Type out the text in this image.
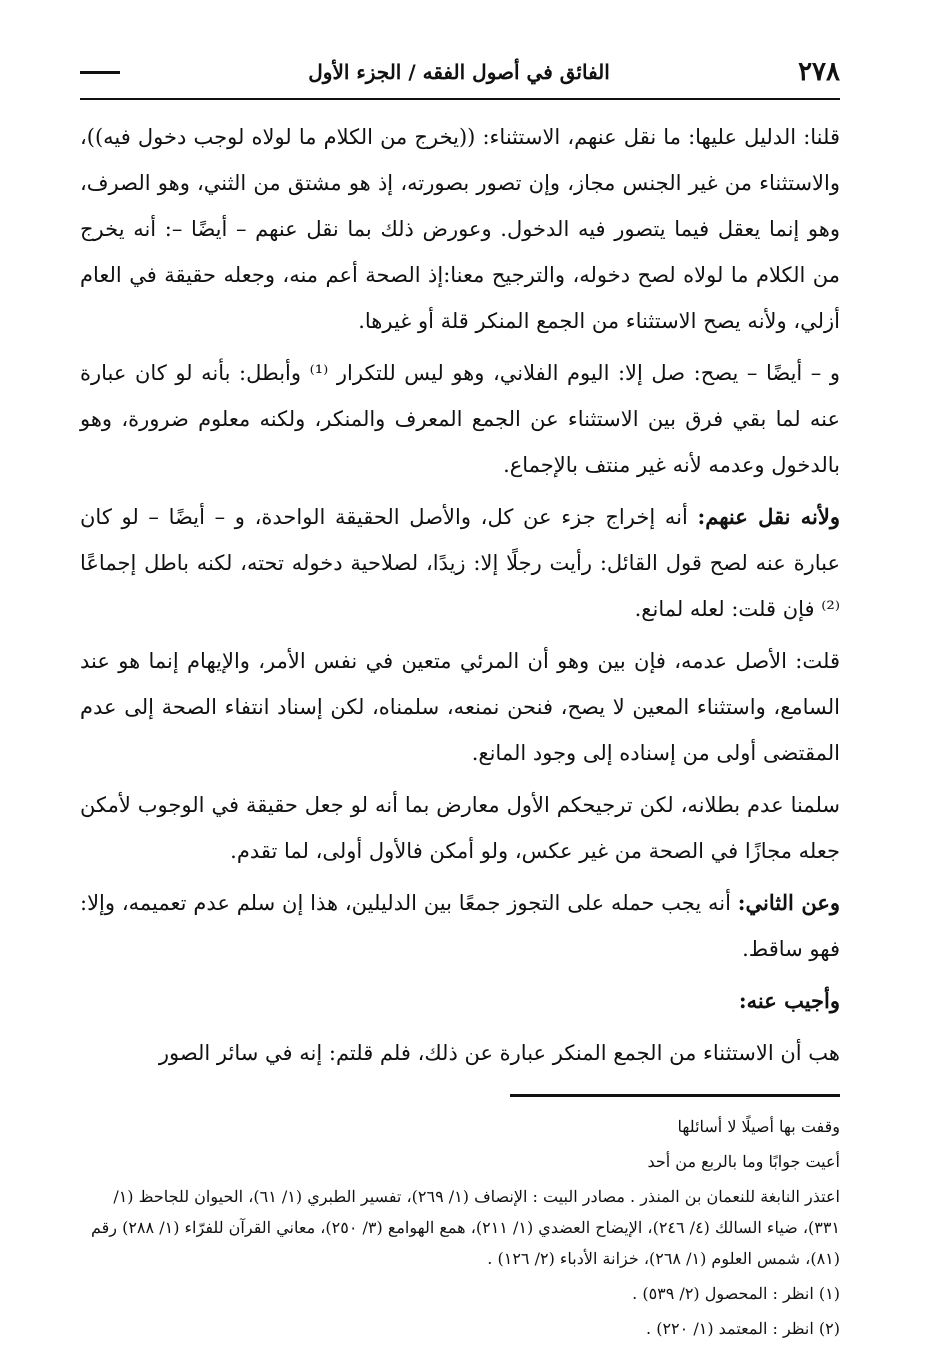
٢٧٨
الفائق في أصول الفقه / الجزء الأول

قلنا: الدليل عليها: ما نقل عنهم، الاستثناء: ((يخرج من الكلام ما لولاه لوجب دخول فيه))، والاستثناء من غير الجنس مجاز، وإن تصور بصورته، إذ هو مشتق من الثني، وهو الصرف، وهو إنما يعقل فيما يتصور فيه الدخول. وعورض ذلك بما نقل عنهم – أيضًا –: أنه يخرج من الكلام ما لولاه لصح دخوله، والترجيح معنا:إذ الصحة أعم منه، وجعله حقيقة في العام أزلي، ولأنه يصح الاستثناء من الجمع المنكر قلة أو غيرها.

و – أيضًا – يصح: صل إلا: اليوم الفلاني، وهو ليس للتكرار ⁽¹⁾ وأبطل: بأنه لو كان عبارة عنه لما بقي فرق بين الاستثناء عن الجمع المعرف والمنكر، ولكنه معلوم ضرورة، وهو بالدخول وعدمه لأنه غير منتف بالإجماع.

ولأنه نقل عنهم: أنه إخراج جزء عن كل، والأصل الحقيقة الواحدة، و – أيضًا – لو كان عبارة عنه لصح قول القائل: رأيت رجلًا إلا: زيدًا، لصلاحية دخوله تحته، لكنه باطل إجماعًا ⁽²⁾ فإن قلت: لعله لمانع.

قلت: الأصل عدمه، فإن بين وهو أن المرئي متعين في نفس الأمر، والإيهام إنما هو عند السامع، واستثناء المعين لا يصح، فنحن نمنعه، سلمناه، لكن إسناد انتفاء الصحة إلى عدم المقتضى أولى من إسناده إلى وجود المانع.

سلمنا عدم بطلانه، لكن ترجيحكم الأول معارض بما أنه لو جعل حقيقة في الوجوب لأمكن جعله مجازًا في الصحة من غير عكس، ولو أمكن فالأول أولى، لما تقدم.

وعن الثاني: أنه يجب حمله على التجوز جمعًا بين الدليلين، هذا إن سلم عدم تعميمه، وإلا: فهو ساقط.

وأجيب عنه:

هب أن الاستثناء من الجمع المنكر عبارة عن ذلك، فلم قلتم: إنه في سائر الصور

وقفت بها أصيلًا لا أسائلها

أعيت جوابًا وما بالربع من أحد

اعتذر النابغة للنعمان بن المنذر . مصادر البيت : الإنصاف (١/ ٢٦٩)، تفسير الطبري (١/ ٦١)، الحيوان للجاحظ (١/ ٣٣١)، ضياء السالك (٤/ ٢٤٦)، الإيضاح العضدي (١/ ٢١١)، همع الهوامع (٣/ ٢٥٠)، معاني القرآن للفرّاء (١/ ٢٨٨) رقم (٨١)، شمس العلوم (١/ ٢٦٨)، خزانة الأدباء (٢/ ١٢٦) .

(١) انظر : المحصول (٢/ ٥٣٩) .

(٢) انظر : المعتمد (١/ ٢٢٠) .
